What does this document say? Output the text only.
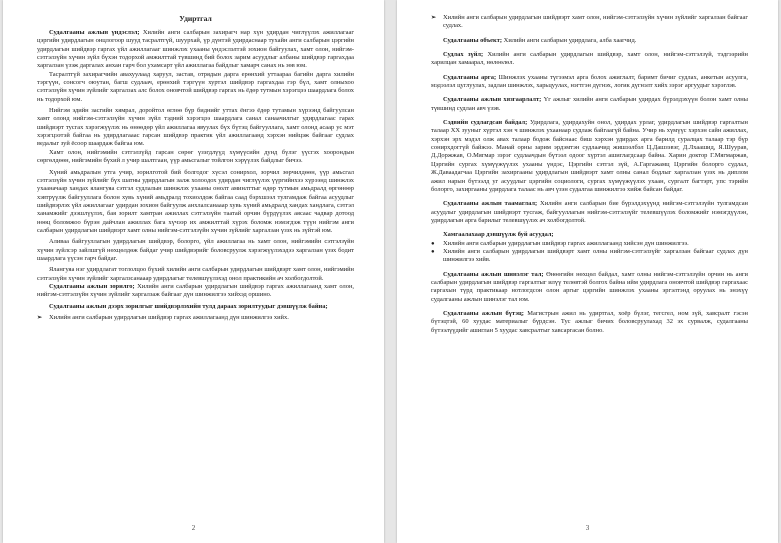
Удиртгал

Судалгааны ажлын үндэслэл; Хилийн анги салбарын захирагч нар хүн удирдан чиглүүлэх ажиллагааг цэргийн удирдлагын онцлогоор шууд тасралтгүй, шуурхай, үр дүнтэй удирдаснаар тухайн анги салбарын цэргийн удирдлагын шийдвэр гаргах үйл ажиллагааг шинжлэх ухааны үндэслэлтэй зохион байгуулах, хамт олон, нийгэм-сэтгэлзүйн хүчин зүйл бүхэн тодорхой амжилттай түвшинд бий болох зарим асуудлыг албаны шийдвэр гаргахдаа харгалзан үзэж даргалах анхан гарч бол ухамсарт үйл ажиллагаа байдлыг хамарч санах нь зөв юм.

Тасралтгүй захирагчийн авахуулаад харуул, застав, отрядын дарга ерөнхий уттаараа багийн дарга хилийн тэргүүн, сонсогч оюутан, багш судлаач, ерөнхий тэргүүн хуртэл шийдвэр гаргахдаа гэр бүл, хамт олныхоо сэтгэлзүйн хүчин зүйлийг харгалзах алс болох оновчтой шийдвэр гаргах нь ёдөр тутмын хэрэгцээ шаардлага болох нь тодорхой юм.

Нийгэм эдийн засгийн хямрал, доройтол өглөө бүр биднийг уттах ёнгээ ёдөр тутамын хүрээнд байгуулсан хамт олонд нийгэм-сэтгэлзүйн хүчин зүйл тэдний хэрэгцээ шаардлага санал санаачилгыг удирдлагаас гарах шийдвэрт тусгах хэрэгжүүлэх нь өнөөдөр үйл ажиллагаа явуулах бүх бүтэц байгууллага, хамт олонд асаар ус мэт хэрэгцээтэй байгаа нь удирдлагааас гарсан шийдвэр практик үйл ажиллагаанд хэрхэн нийцэж байгааг судлах ведалыг зуй ёсоор шаардаж байгаа юм.

Хамт олон, нийгэмийн сэтгэлзүйд гарсан сөрөг үзэгдлүүд хүмүүсийн дунд бүлэг үүсгэх хоорондын сөргөлдөөн, нийгэмийн бүхий л учир шалтгаан, үүр амьсгалыг тойлгон хэрүүлэх байдлыг бичээ.

Хүний амьдралын утга учир, зорилготой бий болгодог хүсэл сонирхол, зорчил зөрчилдөөн, үүр амьсгал сэтгэлзүйн хүчин зүйлийг бүх шатны удирдлагын залж холоодох удирдан чиглүүлэх үүргийнхээ хүрээнд шинжлэх ухааначаар хандах ялангуяа сэтгэл судлалын шинжлэх ухааны онолт аминлттыг өдөр тутмын амьдралд өргөнөөр хэвтрүүлж байгууллага болон хувь хүний амьдралд тохиолдож байгаа саад бэрхшээл тулгамдаж байгаа асуудлыг шийдвэрлэх үйл ажиллагааг удирдан зохион байгуулж анхлалсанааар хувь хүний амьдралд хандах хандлага, сэтгэл ханамжийг дээшлүүлэх, бая зорилт хамтран ажиллах сэтгэлзүйн таатай орчин бүрдүүлэх аясаас чадвар дотоод нөөц боломжоо бүрэн дайчлан ажиллах бага хүчээр их амжилттай хүрэх боломж нэмэгдэж түүн нийгэм анги салбарын удирдлагын шийдвэрт хамт олны нийгэм-сэтгэлзүйн хүчин зүйлийг харгалзан үзэх нь зүйтэй юм.

Аливаа байгууллагын удирдлагын шийдвэр, болорго, үйл ажиллагаа нь хамт олон, нийгэмийн сэтгэлзүйн хүчин зүйлсэр зайлшгүй нөхцөлдөж байдаг учир шийдвэрийг боловсруулж хэрэгжүүлэхэдээ харгалзан үзэх бодит шаардлага үүсэн гарч байдаг.

Ялангуяа нэг удирдлагат тоглолцоо бүхий хилийн анги салбарын удирдлагын шийдвэрт хамт олон, нийгэмийн сэтгэлзүйн хүчин зүйлийг харгалзсанааар удирдлагыг телевшүүлэхэд онол практикийн ач холбогдолтой.

Судалгааны ажлын зорилго; Хилийн анги салбарын удирдлагын шийдвэр гаргах ажиллагаанд хамт олон, нийгэм-сэтгэлзүйн хүчин зүйлийг харгалзаж байгааг дүн шинжилгээ хийхэд оршино.

Судалгааны ажлын дээрх зорилгыг шийдвэрлэхийн тулд дараах зорилтуудыг дэвшүүлж байна;

➢ Хилийн анги салбарын удирдлагын шийдвэр гаргах ажиллагаанд дүн шинжилгээ хийх.

2

➢ Хилийн анги салбарын удирдлагын шийдвэрт хамт олон, нийгэм-сэтгэлзүйн хүчин зүйлийг харгалзан байгааг судлах.

Судалгааны объект; Хилийн анги салбарын удирдлага, алба хаагчид.

Судлах зүйл; Хилийн анги салбарын удирдлагын шийдвэр, хамт олон, нийгэм-сэтгэлзүй, тэдгээрийн харилцан хамаарал, нөлөөлөл.

Судалгааны арга; Шинжлэх ухааны түгээмэл арга болох ажиглалт, баримт бичиг судлах, анкетын асуулга, мэдээлэл цуглуулах, задлан шинжлэх, харьцуулах, нэгтгэн дүгнэх, логик дүгнэлт хийх зэрэг аргуудыг хэрэглэв.

Судалгааны ажлын хязгаарлалт; Үг ажлыг хилийн анги салбарын удирдах бүрэлдэхүүн болон хамт олны түвшинд судлан авч үзэв.

Сэдвийн судлагдсан байдал; Удирдлага, удирдахуйн онол, удирдах урлаг, удирдлагын шийдвэр гаргалтын талаар ХХ зууныг хүртэл хэн ч шинжлэх ухаанаар судлаж байгаагүй байна. Учир нь хүмүүс хэрхэн сайн ажиллах, хэрхэн эрх мэдэл олж авах талаар бодож байснаас биш хэрхэн удирдах арга барилд суралцах талаар тэр бүр сонирхдоггүй байжээ. Манай орны зарим эрдэмтэн судлаачид жишээлбэл Ц.Дашзэвэг, Д.Лхаашид, Я.Шуурав, Д.Доржжав, О.Мягмар зэрэг судлаачдын бүтээл одоог хүртэл ашиглагдсаар байна. Харин доктор Г.Мягмаржав, Цэргийн сургах хүмүүжүүлэх ухааны үндэс, Цэргийн сэтгэл зүй, А.Гаргажамц Цэргийн болорго судлал, Ж.Даваадагчаа Цэргийн захиргааны удирдлагын шийдвэрт хамт олны санал бодлыг харгалзан үзэх нь диплом ажил нарын бүтээлд уг асуудлыг цэргийн социологи, сургах хүмүүжүүлэх ухаан, сургалт багтэрт, упс тэрийн болорго, захиргааны удирдлага талаас нь авч үзэн судалгаа шинжилгээ хийж байсан байдаг.

Судалгааны ажлын таамаглал; Хилийн анги салбарын бие бүрэлдэхүүнд нийгэм-сэтгэлзүйн тулгамдсан асуудлыг удирдлагын шийдвэрт тусгаж, байгууллагын нийгэм-сэтгэлзүйг телевшүүлэх боломжийг нэмэгдүүлэн, удирдлагын арга барилыг телевшүүлэх ач холбогдолтой.

Хамгаалахаар дэвшүүлж буй асуудал;

● Хилийн анги салбарын удирдлагын шийдвэр гаргах ажиллагаанд хийсэн дүн шинжилгээ.

● Хилийн анги салбарын удирдлагын шийдвэрт хамт олны нийгэм-сэтгэлзүйг харгалзан байгааг судлах дүн шинжилгээ хийв.

Судалгааны ажлын шинэлэг тал; Өнөөгийн нөхцөл байдал, хамт олны нийгэм-сэтгэлзүйн орчин нь анги салбарын удирдлагын шийдвэр гаргалтыг илүү телөвтэй болгох байна ийм удирдлага оновчтой шийдвэр гаргахаас гаргахын түрд практикаар нотлогдсон олон аргыг цэргийн шинжлэх ухааны эргэлтэнд оруулах нь энэхүү судалгааны ажлын шинэлэг тал юм.

Судалгааны ажлын бүтэц; Магистрын ажил нь удиртгал, хоёр бүлэг, тегсгел, ном зүй, хавсралт гэсэн бүтэцтэй, 60 хуудас материалыг бүрдсэн. Тус ажлыг бичих боловсруулахад 32 эх сурвалж, судалгааны бүтээлүүдийг ашиглан 5 хуудас хавсралтыг хавсаргасан болно.

3
